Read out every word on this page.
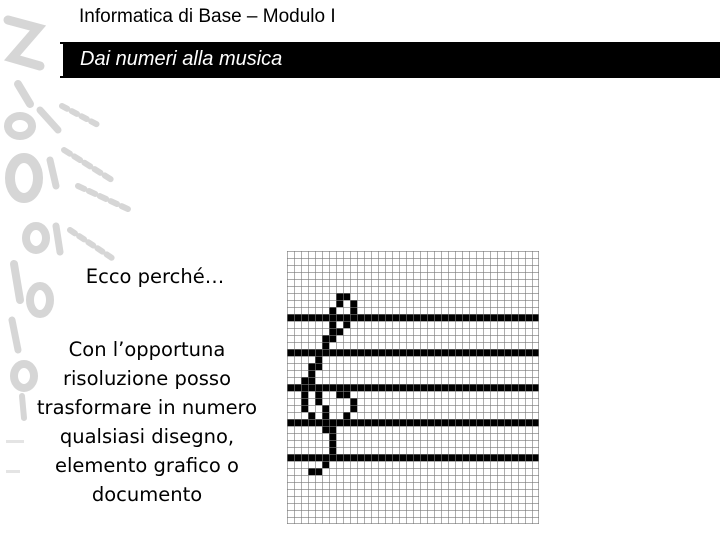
Informatica di Base – Modulo I
Dai numeri alla musica
Ecco perché…
Con l’opportuna
risoluzione posso
trasformare in numero
qualsiasi disegno,
elemento grafico o
documento
